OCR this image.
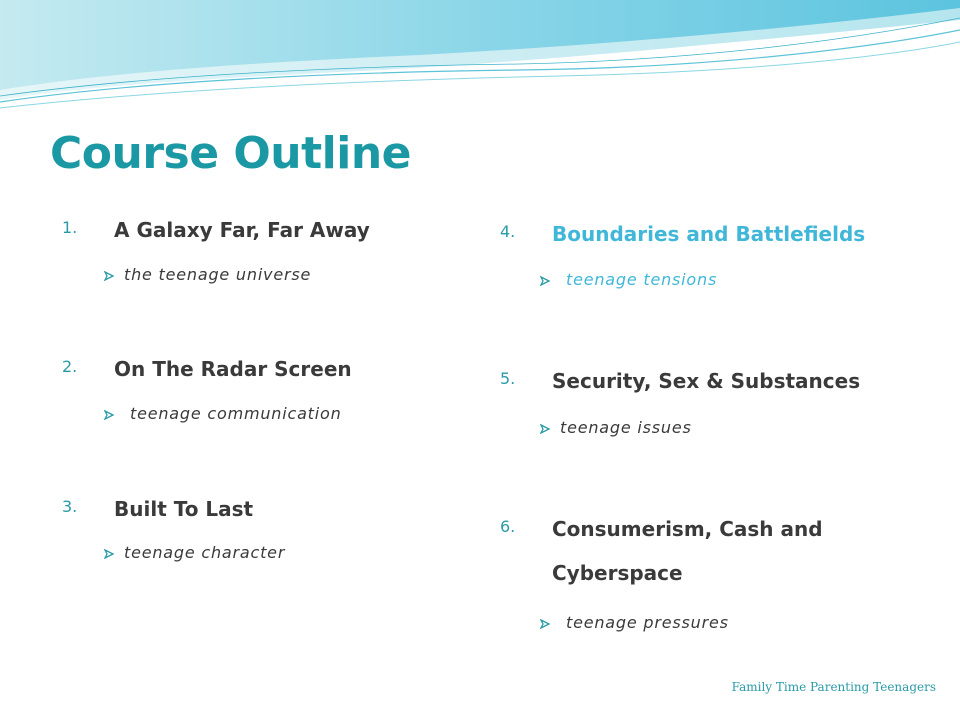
Course Outline
1. A Galaxy Far, Far Away
the teenage universe
2. On The Radar Screen
teenage communication
3. Built To Last
teenage character
4. Boundaries and Battlefields
teenage tensions
5. Security, Sex & Substances
teenage issues
6. Consumerism, Cash and
Cyberspace
teenage pressures
Family Time Parenting Teenagers
